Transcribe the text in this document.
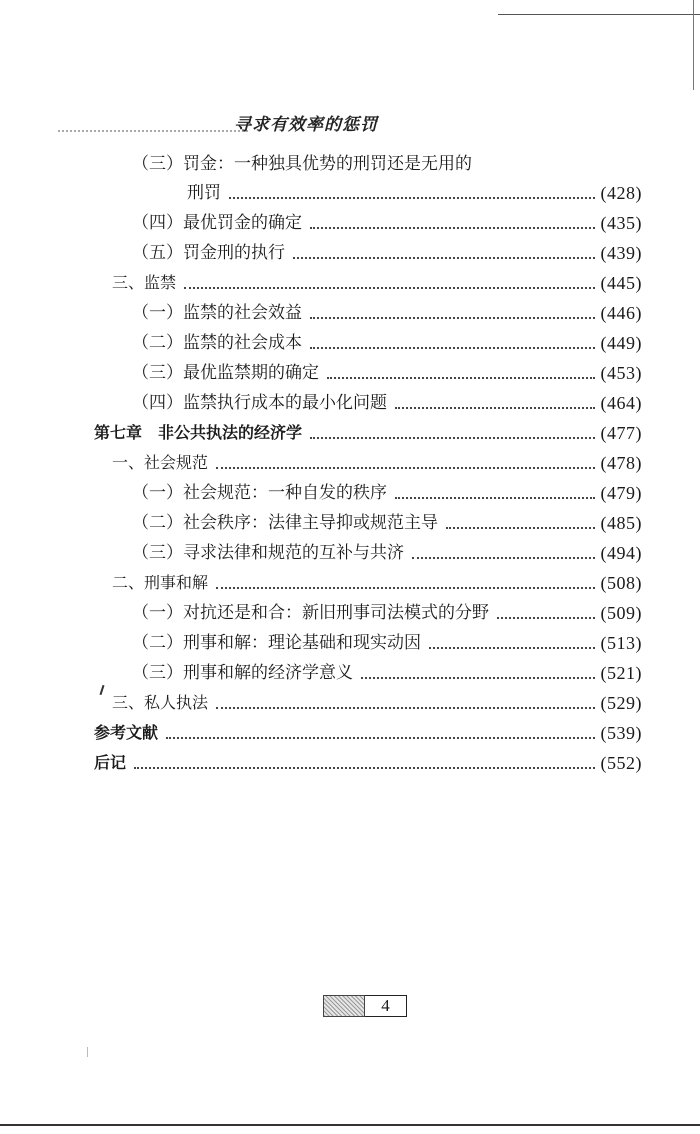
寻求有效率的惩罚
（三）罚金：一种独具优势的刑罚还是无用的
刑罚	(428)
（四）最优罚金的确定	(435)
（五）罚金刑的执行	(439)
三、监禁	(445)
（一）监禁的社会效益	(446)
（二）监禁的社会成本	(449)
（三）最优监禁期的确定	(453)
（四）监禁执行成本的最小化问题	(464)
第七章　非公共执法的经济学	(477)
一、社会规范	(478)
（一）社会规范：一种自发的秩序	(479)
（二）社会秩序：法律主导抑或规范主导	(485)
（三）寻求法律和规范的互补与共济	(494)
二、刑事和解	(508)
（一）对抗还是和合：新旧刑事司法模式的分野	(509)
（二）刑事和解：理论基础和现实动因	(513)
（三）刑事和解的经济学意义	(521)
三、私人执法	(529)
参考文献	(539)
后记	(552)
4
